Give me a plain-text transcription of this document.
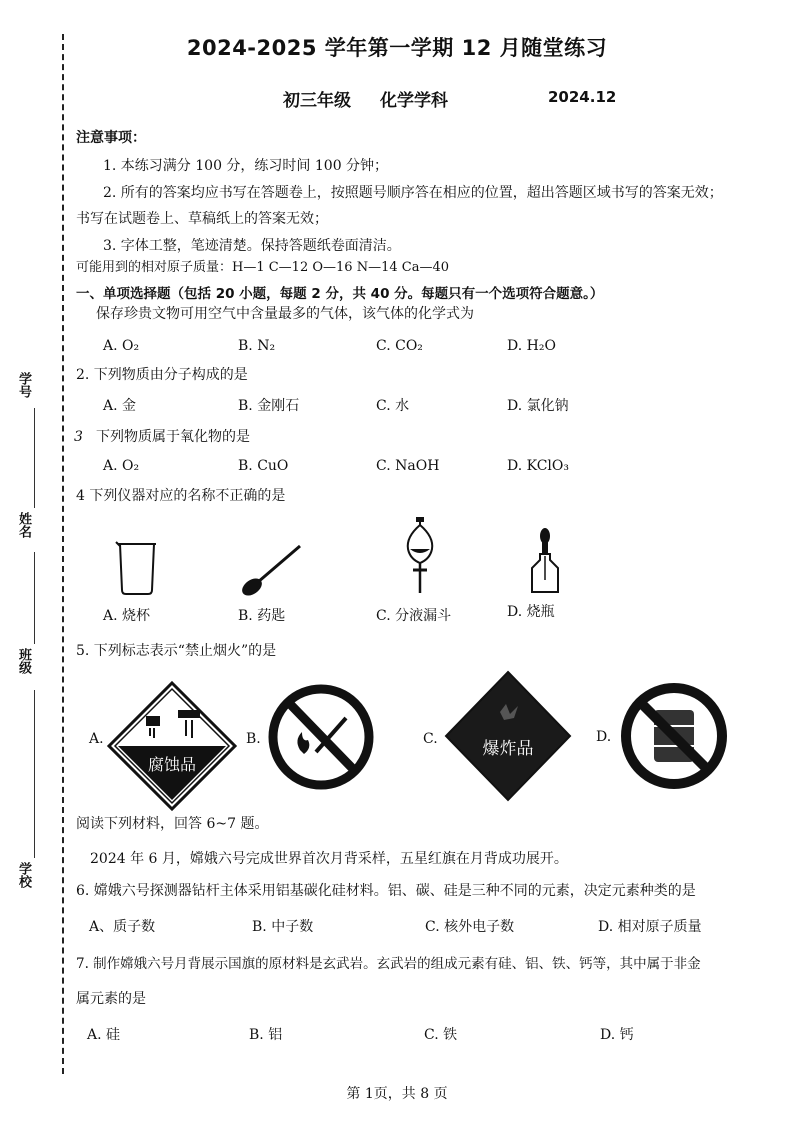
学号
姓名
班级
学校
2024-2025 学年第一学期 12 月随堂练习
初三年级 化学学科	2024.12
注意事项：
1. 本练习满分 100 分，练习时间 100 分钟；
2. 所有的答案均应书写在答题卷上，按照题号顺序答在相应的位置，超出答题区域书写的答案无效；
书写在试题卷上、草稿纸上的答案无效；
3. 字体工整，笔迹清楚。保持答题纸卷面清洁。
可能用到的相对原子质量：H—1 C—12 O—16 N—14 Ca—40
一、单项选择题（包括 20 小题，每题 2 分，共 40 分。每题只有一个选项符合题意。）
保存珍贵文物可用空气中含量最多的气体，该气体的化学式为
A. O₂	B. N₂	C. CO₂	D. H₂O
2. 下列物质由分子构成的是
A. 金	B. 金刚石	C. 水	D. 氯化钠
3 下列物质属于氧化物的是
A. O₂	B. CuO	C. NaOH	D. KClO₃
4 下列仪器对应的名称不正确的是
A. 烧杯	B. 药匙	C. 分液漏斗	D. 烧瓶
5. 下列标志表示“禁止烟火”的是
A.
腐蚀品
B.	C.	爆炸品
D.
阅读下列材料，回答 6~7 题。
2024 年 6 月，嫦娥六号完成世界首次月背采样，五星红旗在月背成功展开。
6. 嫦娥六号探测器钻杆主体采用铝基碳化硅材料。铝、碳、硅是三种不同的元素，决定元素种类的是
A、质子数	B. 中子数	C. 核外电子数	D. 相对原子质量
7. 制作嫦娥六号月背展示国旗的原材料是玄武岩。玄武岩的组成元素有硅、铝、铁、钙等，其中属于非金
属元素的是
A. 硅	B. 铝	C. 铁	D. 钙
第 1页，共 8 页
